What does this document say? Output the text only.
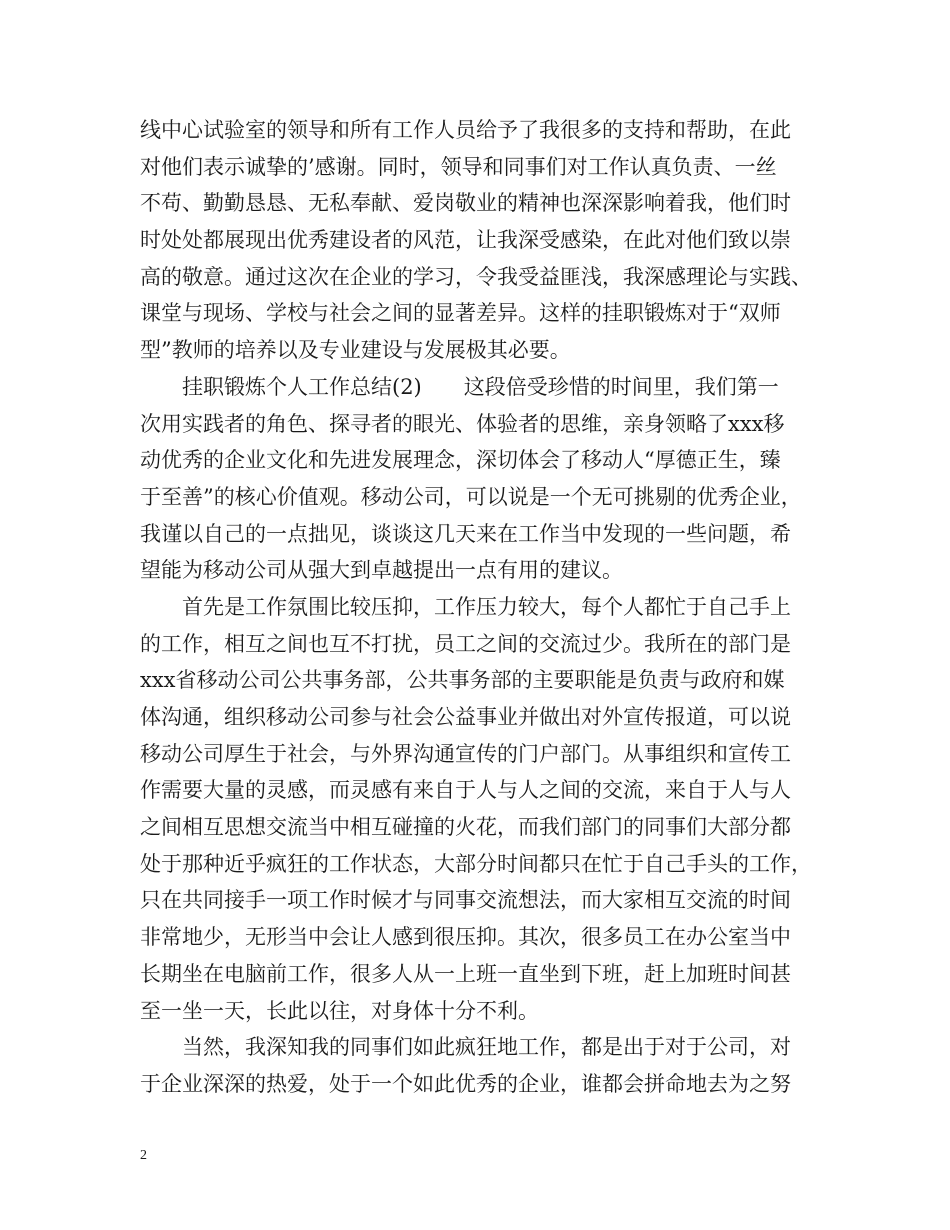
线中心试验室的领导和所有工作人员给予了我很多的支持和帮助，在此
对他们表示诚挚的’感谢。同时，领导和同事们对工作认真负责、一丝
不苟、勤勤恳恳、无私奉献、爱岗敬业的精神也深深影响着我，他们时
时处处都展现出优秀建设者的风范，让我深受感染，在此对他们致以崇
高的敬意。通过这次在企业的学习，令我受益匪浅，我深感理论与实践、
课堂与现场、学校与社会之间的显著差异。这样的挂职锻炼对于“双师
型”教师的培养以及专业建设与发展极其必要。
挂职锻炼个人工作总结(2)　　这段倍受珍惜的时间里，我们第一
次用实践者的角色、探寻者的眼光、体验者的思维，亲身领略了xxx移
动优秀的企业文化和先进发展理念，深切体会了移动人“厚德正生，臻
于至善”的核心价值观。移动公司，可以说是一个无可挑剔的优秀企业，
我谨以自己的一点拙见，谈谈这几天来在工作当中发现的一些问题，希
望能为移动公司从强大到卓越提出一点有用的建议。
首先是工作氛围比较压抑，工作压力较大，每个人都忙于自己手上
的工作，相互之间也互不打扰，员工之间的交流过少。我所在的部门是
xxx省移动公司公共事务部，公共事务部的主要职能是负责与政府和媒
体沟通，组织移动公司参与社会公益事业并做出对外宣传报道，可以说
移动公司厚生于社会，与外界沟通宣传的门户部门。从事组织和宣传工
作需要大量的灵感，而灵感有来自于人与人之间的交流，来自于人与人
之间相互思想交流当中相互碰撞的火花，而我们部门的同事们大部分都
处于那种近乎疯狂的工作状态，大部分时间都只在忙于自己手头的工作，
只在共同接手一项工作时候才与同事交流想法，而大家相互交流的时间
非常地少，无形当中会让人感到很压抑。其次，很多员工在办公室当中
长期坐在电脑前工作，很多人从一上班一直坐到下班，赶上加班时间甚
至一坐一天，长此以往，对身体十分不利。
当然，我深知我的同事们如此疯狂地工作，都是出于对于公司，对
于企业深深的热爱，处于一个如此优秀的企业，谁都会拼命地去为之努
2
